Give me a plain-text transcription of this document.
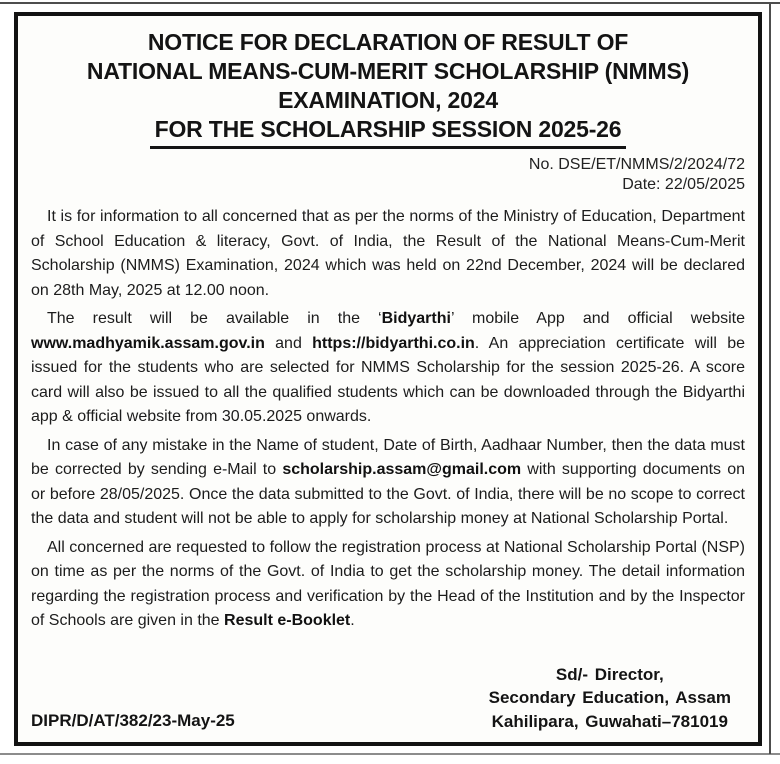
NOTICE FOR DECLARATION OF RESULT OF
NATIONAL MEANS-CUM-MERIT SCHOLARSHIP (NMMS)
EXAMINATION, 2024
FOR THE SCHOLARSHIP SESSION 2025-26
No. DSE/ET/NMMS/2/2024/72
Date: 22/05/2025

It is for information to all concerned that as per the norms of the Ministry of Education, Department of School Education & literacy, Govt. of India, the Result of the National Means-Cum-Merit Scholarship (NMMS) Examination, 2024 which was held on 22nd December, 2024 will be declared on 28th May, 2025 at 12.00 noon.

The result will be available in the ‘Bidyarthi’ mobile App and official website www.madhyamik.assam.gov.in and https://bidyarthi.co.in. An appreciation certificate will be issued for the students who are selected for NMMS Scholarship for the session 2025-26. A score card will also be issued to all the qualified students which can be downloaded through the Bidyarthi app & official website from 30.05.2025 onwards.

In case of any mistake in the Name of student, Date of Birth, Aadhaar Number, then the data must be corrected by sending e-Mail to scholarship.assam@gmail.com with supporting documents on or before 28/05/2025. Once the data submitted to the Govt. of India, there will be no scope to correct the data and student will not be able to apply for scholarship money at National Scholarship Portal.

All concerned are requested to follow the registration process at National Scholarship Portal (NSP) on time as per the norms of the Govt. of India to get the scholarship money. The detail information regarding the registration process and verification by the Head of the Institution and by the Inspector of Schools are given in the Result e-Booklet.

DIPR/D/AT/382/23-May-25
Sd/- Director,
Secondary Education, Assam
Kahilipara, Guwahati–781019
